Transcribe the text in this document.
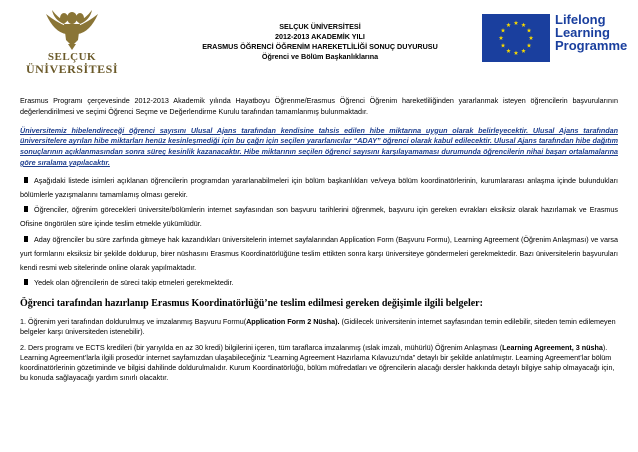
SELÇUK
ÜNİVERSİTESİ
SELÇUK ÜNİVERSİTESİ
2012-2013 AKADEMİK YILI
ERASMUS ÖĞRENCİ ÖĞRENİM HAREKETLİLİĞİ SONUÇ DUYURUSU
Öğrenci ve Bölüm Başkanlıklarına
Lifelong
Learning
Programme

Erasmus Programı çerçevesinde 2012-2013 Akademik yılında Hayatboyu Öğrenme/Erasmus Öğrenci Öğrenim hareketliliğinden yararlanmak isteyen öğrencilerin başvurularının değerlendirilmesi ve seçimi Öğrenci Seçme ve Değerlendirme Kurulu tarafından tamamlanmış bulunmaktadır.

Üniversitemiz hibelendireceği öğrenci sayısını Ulusal Ajans tarafından kendisine tahsis edilen hibe miktarına uygun olarak belirleyecektir. Ulusal Ajans tarafından üniversitelere ayrılan hibe miktarları henüz kesinleşmediği için bu çağrı için seçilen yararlanıcılar “ADAY” öğrenci olarak kabul edilecektir. Ulusal Ajans tarafından hibe dağıtım sonuçlarının açıklanmasından sonra süreç kesinlik kazanacaktır. Hibe miktarının seçilen öğrenci sayısını karşılayamaması durumunda öğrencilerin nihai başarı ortalamalarına göre sıralama yapılacaktır.

Aşağıdaki listede isimleri açıklanan öğrencilerin programdan yararlanabilmeleri için bölüm başkanlıkları ve/veya bölüm koordinatörlerinin, kurumlararası anlaşma içinde bulundukları bölümlerle yazışmalarını tamamlamış olması gerekir.
Öğrenciler, öğrenim görecekleri üniversite/bölümlerin internet sayfasından son başvuru tarihlerini öğrenmek, başvuru için gereken evrakları eksiksiz olarak hazırlamak ve Erasmus Ofisine öngörülen süre içinde teslim etmekle yükümlüdür.
Aday öğrenciler bu süre zarfında gitmeye hak kazandıkları üniversitelerin internet sayfalarından Application Form (Başvuru Formu), Learning Agreement (Öğrenim Anlaşması) ve varsa yurt formlarını eksiksiz bir şekilde doldurup, birer nüshasını Erasmus Koordinatörlüğüne teslim ettikten sonra karşı üniversiteye göndermeleri gerekmektedir. Bazı üniversitelerin başvuruları kendi resmi web sitelerinde online olarak yapılmaktadır.
Yedek olan öğrencilerin de süreci takip etmeleri gerekmektedir.
Öğrenci tarafından hazırlanıp Erasmus Koordinatörlüğü’ne teslim edilmesi gereken değişimle ilgili belgeler:

1. Öğrenim yeri tarafından doldurulmuş ve imzalanmış Başvuru Formu(Application Form 2 Nüsha). (Gidilecek üniversitenin internet sayfasından temin edilebilir, siteden temin edilemeyen belgeler karşı üniversiteden istenebilir).

2. Ders programı ve ECTS kredileri (bir yarıyılda en az 30 kredi) bilgilerini içeren, tüm taraflarca imzalanmış (ıslak imzalı, mühürlü) Öğrenim Anlaşması (Learning Agreement, 3 nüsha). Learning Agreement’larla ilgili prosedür internet sayfamızdan ulaşabileceğiniz “Learning Agreement Hazırlama Kılavuzu’nda” detaylı bir şekilde anlatılmıştır. Learning Agreement’lar bölüm koordinatörlerinin gözetiminde ve bilgisi dahilinde doldurulmalıdır. Kurum Koordinatörlüğü, bölüm müfredatları ve öğrencilerin alacağı dersler hakkında detaylı bilgiye sahip olmayacağı için, bu konuda sağlayacağı yardım sınırlı olacaktır.
